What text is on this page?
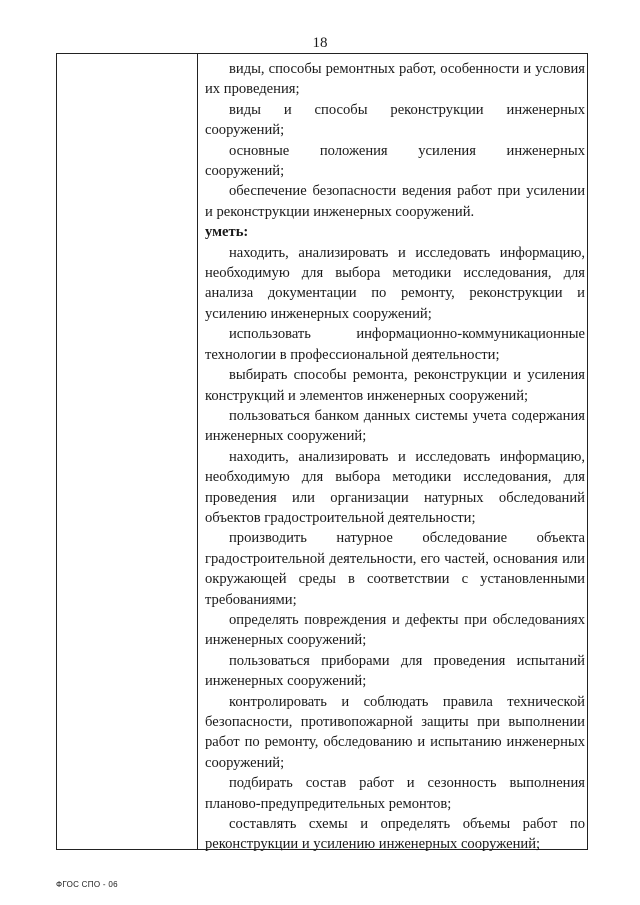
18

виды, способы ремонтных работ, особенности и условия их проведения;

виды и способы реконструкции инженерных сооружений;

основные положения усиления инженерных сооружений;

обеспечение безопасности ведения работ при усилении и реконструкции инженерных сооружений.

уметь:

находить, анализировать и исследовать информацию, необходимую для выбора методики исследования, для анализа документации по ремонту, реконструкции и усилению инженерных сооружений;

использовать информационно-коммуникационные технологии в профессиональной деятельности;

выбирать способы ремонта, реконструкции и усиления конструкций и элементов инженерных сооружений;

пользоваться банком данных системы учета содержания инженерных сооружений;

находить, анализировать и исследовать информацию, необходимую для выбора методики исследования, для проведения или организации натурных обследований объектов градостроительной деятельности;

производить натурное обследование объекта градостроительной деятельности, его частей, основания или окружающей среды в соответствии с установленными требованиями;

определять повреждения и дефекты при обследованиях инженерных сооружений;

пользоваться приборами для проведения испытаний инженерных сооружений;

контролировать и соблюдать правила технической безопасности, противопожарной защиты при выполнении работ по ремонту, обследованию и испытанию инженерных сооружений;

подбирать состав работ и сезонность выполнения планово-предупредительных ремонтов;

составлять схемы и определять объемы работ по реконструкции и усилению инженерных сооружений;

ФГОС СПО - 06
